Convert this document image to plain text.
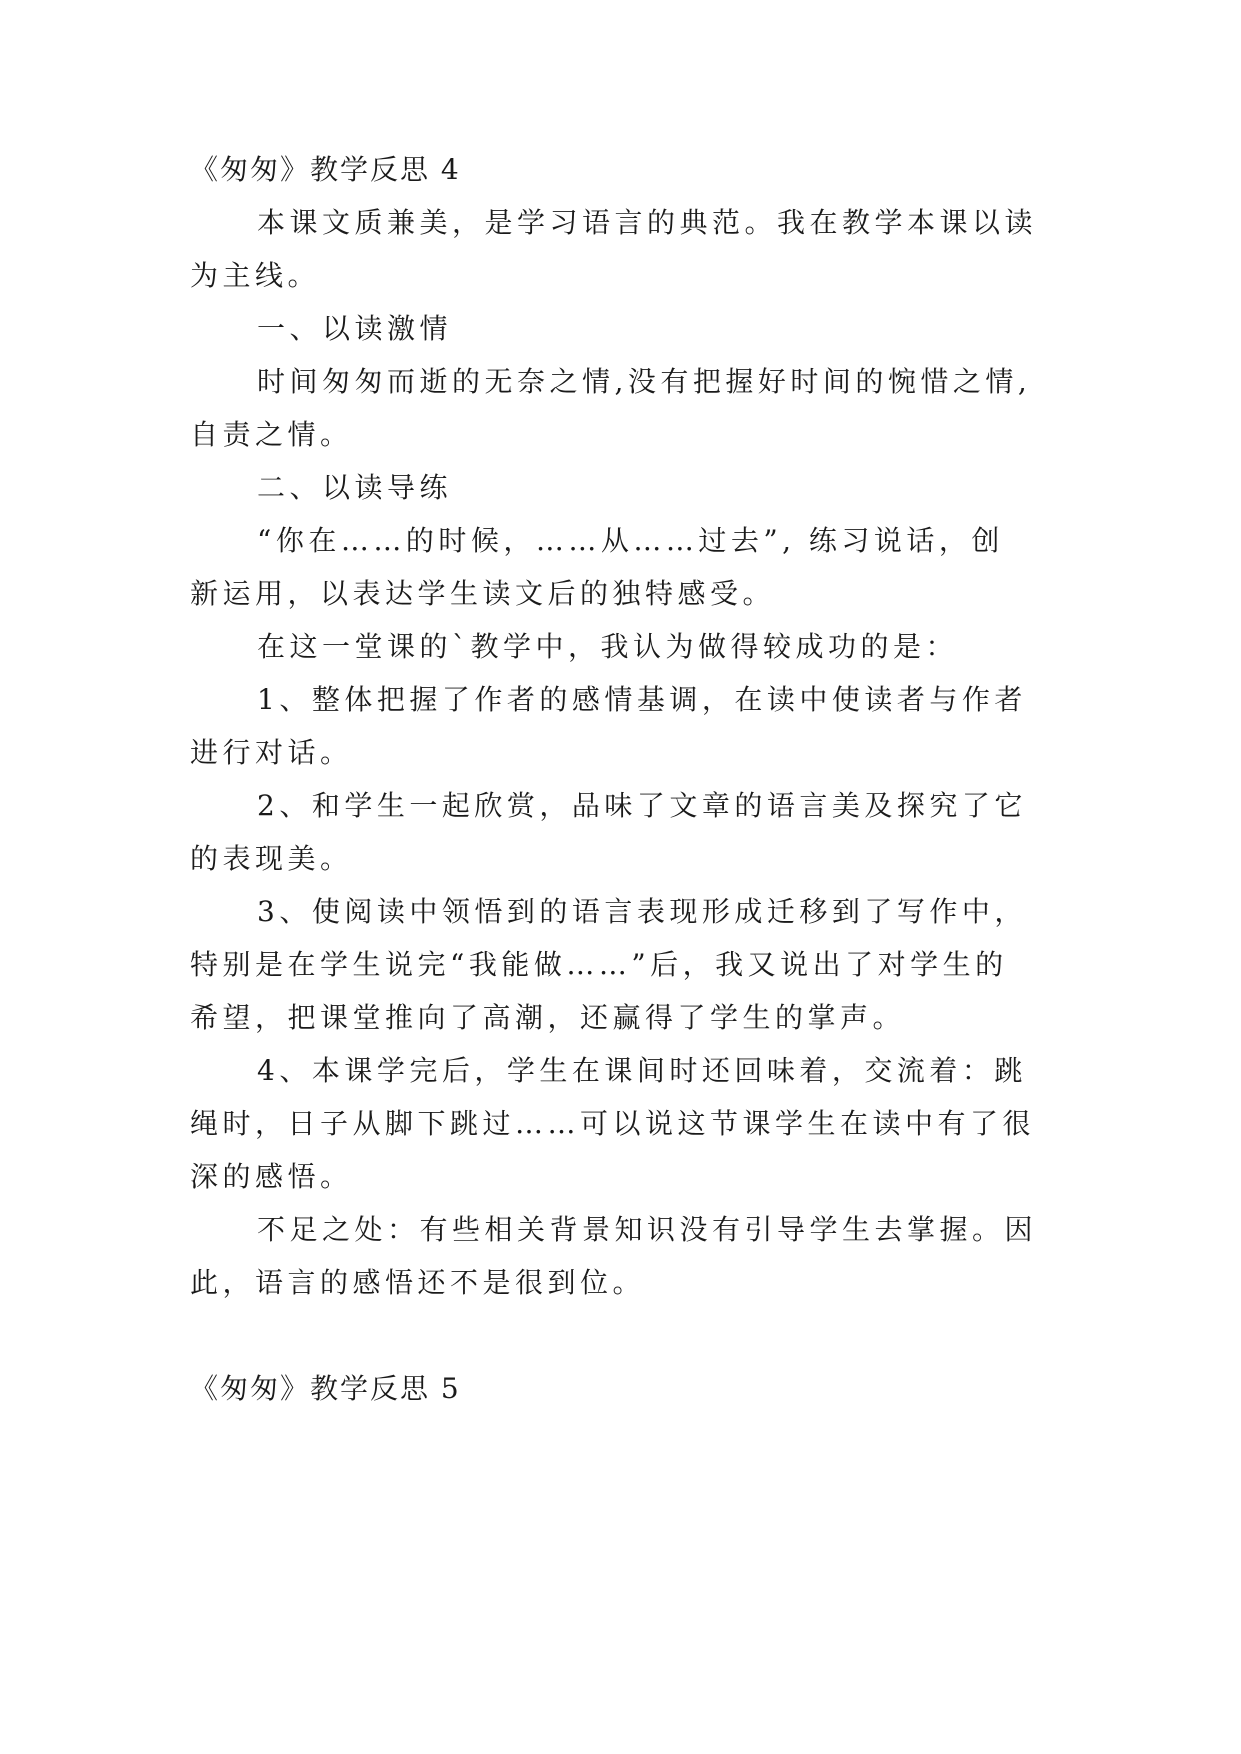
《匆匆》教学反思 4
本课文质兼美，是学习语言的典范。我在教学本课以读
为主线。
一、以读激情
时间匆匆而逝的无奈之情,没有把握好时间的惋惜之情,
自责之情。
二、以读导练
“你在……的时候，……从……过去”, 练习说话，创
新运用，以表达学生读文后的独特感受。
在这一堂课的`教学中，我认为做得较成功的是：
1、整体把握了作者的感情基调，在读中使读者与作者
进行对话。
2、和学生一起欣赏，品味了文章的语言美及探究了它
的表现美。
3、使阅读中领悟到的语言表现形成迁移到了写作中，
特别是在学生说完“我能做……”后，我又说出了对学生的
希望，把课堂推向了高潮，还赢得了学生的掌声。
4、本课学完后，学生在课间时还回味着，交流着：跳
绳时，日子从脚下跳过……可以说这节课学生在读中有了很
深的感悟。
不足之处：有些相关背景知识没有引导学生去掌握。因
此，语言的感悟还不是很到位。
《匆匆》教学反思 5
